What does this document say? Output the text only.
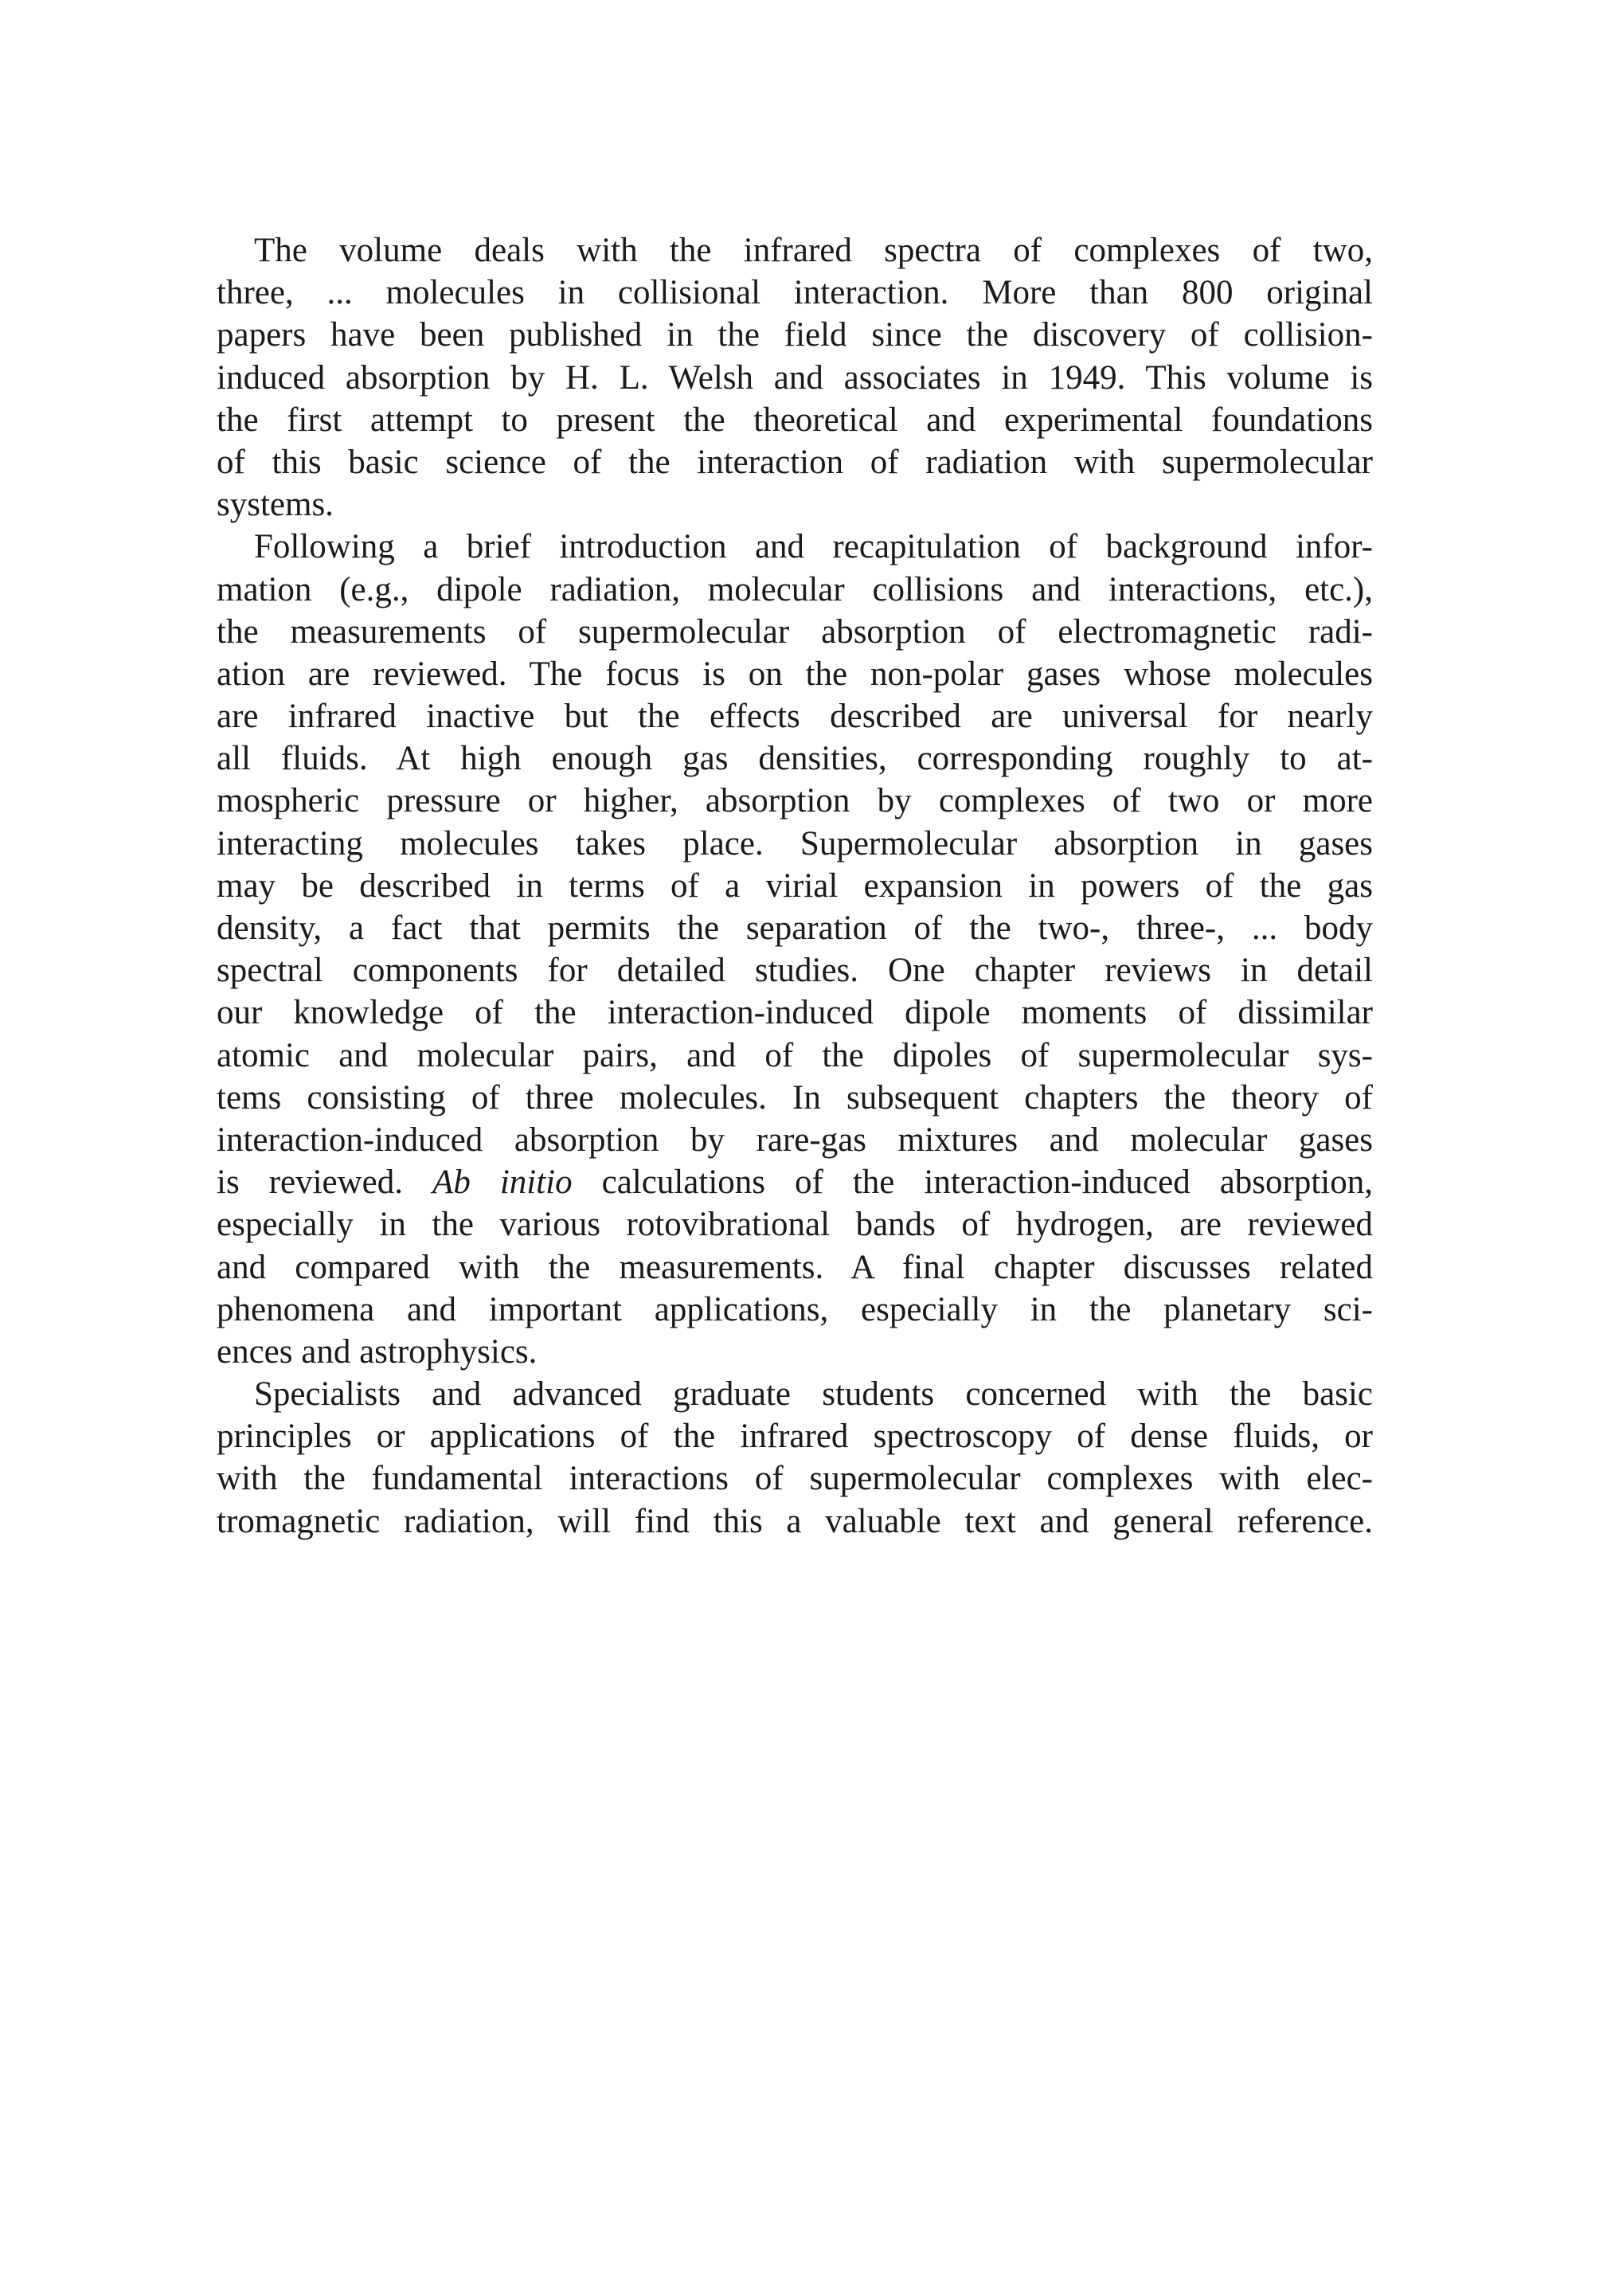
The volume deals with the infrared spectra of complexes of two,
three, ... molecules in collisional interaction. More than 800 original
papers have been published in the field since the discovery of collision-
induced absorption by H. L. Welsh and associates in 1949. This volume is
the first attempt to present the theoretical and experimental foundations
of this basic science of the interaction of radiation with supermolecular
systems.
Following a brief introduction and recapitulation of background infor-
mation (e.g., dipole radiation, molecular collisions and interactions, etc.),
the measurements of supermolecular absorption of electromagnetic radi-
ation are reviewed. The focus is on the non-polar gases whose molecules
are infrared inactive but the effects described are universal for nearly
all fluids. At high enough gas densities, corresponding roughly to at-
mospheric pressure or higher, absorption by complexes of two or more
interacting molecules takes place. Supermolecular absorption in gases
may be described in terms of a virial expansion in powers of the gas
density, a fact that permits the separation of the two-, three-, ... body
spectral components for detailed studies. One chapter reviews in detail
our knowledge of the interaction-induced dipole moments of dissimilar
atomic and molecular pairs, and of the dipoles of supermolecular sys-
tems consisting of three molecules. In subsequent chapters the theory of
interaction-induced absorption by rare-gas mixtures and molecular gases
is reviewed. Ab initio calculations of the interaction-induced absorption,
especially in the various rotovibrational bands of hydrogen, are reviewed
and compared with the measurements. A final chapter discusses related
phenomena and important applications, especially in the planetary sci-
ences and astrophysics.
Specialists and advanced graduate students concerned with the basic
principles or applications of the infrared spectroscopy of dense fluids, or
with the fundamental interactions of supermolecular complexes with elec-
tromagnetic radiation, will find this a valuable text and general reference.
